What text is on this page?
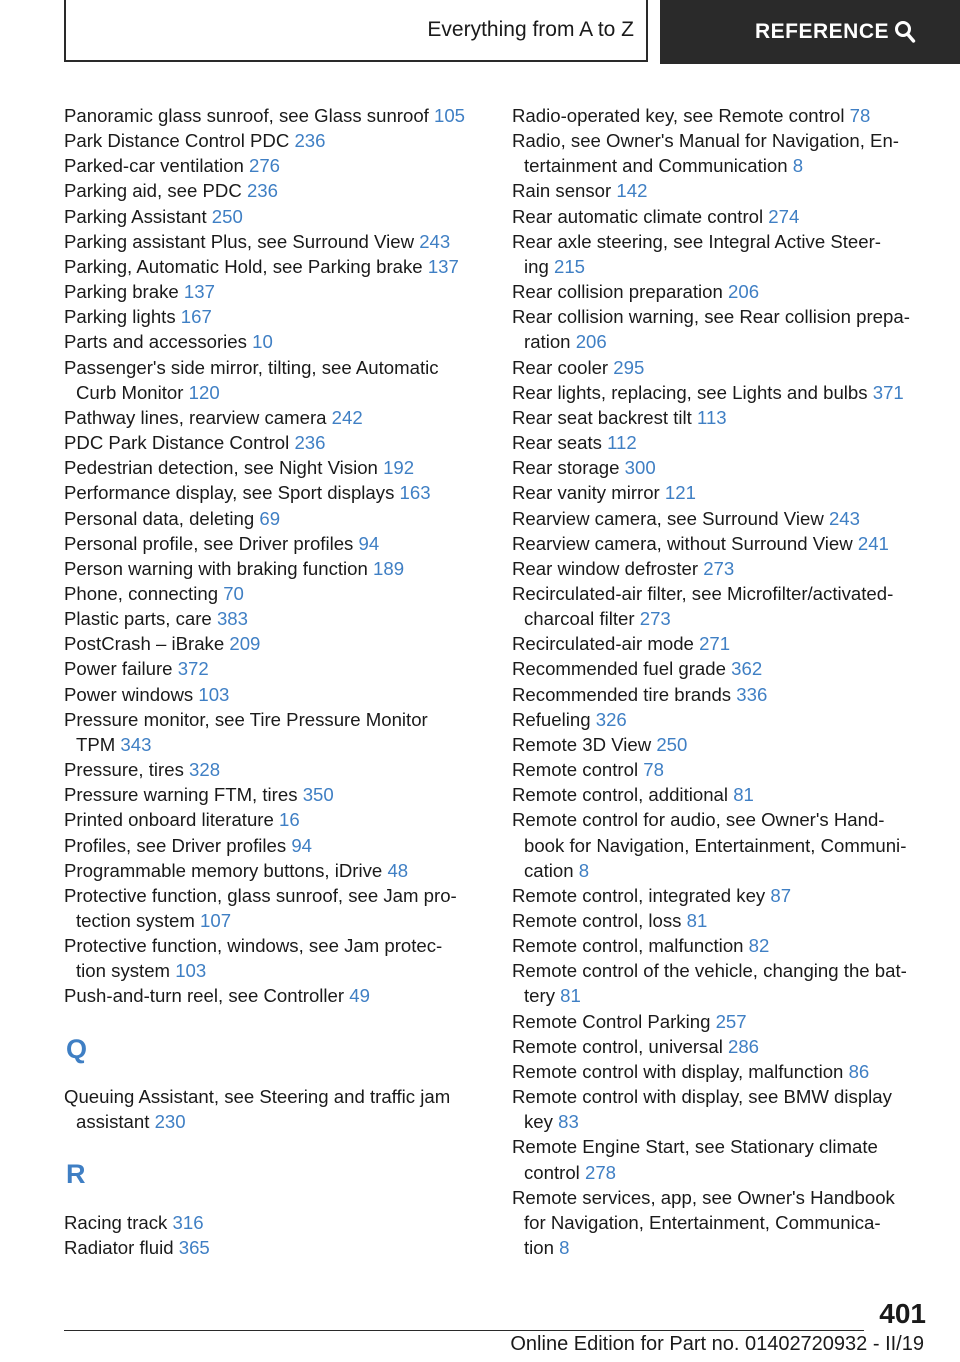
Everything from A to Z	REFERENCE
Panoramic glass sunroof, see Glass sunroof 105
Park Distance Control PDC 236
Parked-car ventilation 276
Parking aid, see PDC 236
Parking Assistant 250
Parking assistant Plus, see Surround View 243
Parking, Automatic Hold, see Parking brake 137
Parking brake 137
Parking lights 167
Parts and accessories 10
Passenger's side mirror, tilting, see Automatic
Curb Monitor 120
Pathway lines, rearview camera 242
PDC Park Distance Control 236
Pedestrian detection, see Night Vision 192
Performance display, see Sport displays 163
Personal data, deleting 69
Personal profile, see Driver profiles 94
Person warning with braking function 189
Phone, connecting 70
Plastic parts, care 383
PostCrash – iBrake 209
Power failure 372
Power windows 103
Pressure monitor, see Tire Pressure Monitor
TPM 343
Pressure, tires 328
Pressure warning FTM, tires 350
Printed onboard literature 16
Profiles, see Driver profiles 94
Programmable memory buttons, iDrive 48
Protective function, glass sunroof, see Jam pro-
tection system 107
Protective function, windows, see Jam protec-
tion system 103
Push-and-turn reel, see Controller 49
Q
Queuing Assistant, see Steering and traffic jam
assistant 230
R
Racing track 316
Radiator fluid 365
Radio-operated key, see Remote control 78
Radio, see Owner's Manual for Navigation, En-
tertainment and Communication 8
Rain sensor 142
Rear automatic climate control 274
Rear axle steering, see Integral Active Steer-
ing 215
Rear collision preparation 206
Rear collision warning, see Rear collision prepa-
ration 206
Rear cooler 295
Rear lights, replacing, see Lights and bulbs 371
Rear seat backrest tilt 113
Rear seats 112
Rear storage 300
Rear vanity mirror 121
Rearview camera, see Surround View 243
Rearview camera, without Surround View 241
Rear window defroster 273
Recirculated-air filter, see Microfilter/activated-
charcoal filter 273
Recirculated-air mode 271
Recommended fuel grade 362
Recommended tire brands 336
Refueling 326
Remote 3D View 250
Remote control 78
Remote control, additional 81
Remote control for audio, see Owner's Hand-
book for Navigation, Entertainment, Communi-
cation 8
Remote control, integrated key 87
Remote control, loss 81
Remote control, malfunction 82
Remote control of the vehicle, changing the bat-
tery 81
Remote Control Parking 257
Remote control, universal 286
Remote control with display, malfunction 86
Remote control with display, see BMW display
key 83
Remote Engine Start, see Stationary climate
control 278
Remote services, app, see Owner's Handbook
for Navigation, Entertainment, Communica-
tion 8
401
Online Edition for Part no. 01402720932 - II/19
